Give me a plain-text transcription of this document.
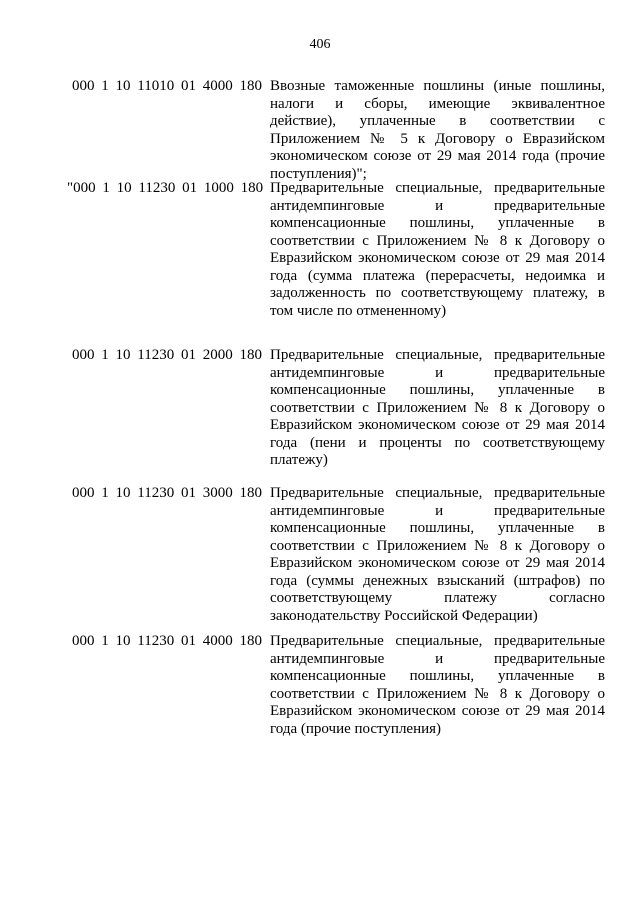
406
000 1 10 11010 01 4000 180 Ввозные таможенные пошлины (иные пошлины, налоги и сборы, имеющие эквивалентное действие), уплаченные в соответствии с Приложением № 5 к Договору о Евразийском экономическом союзе от 29 мая 2014 года (прочие поступления)";
"000 1 10 11230 01 1000 180 Предварительные специальные, предварительные антидемпинговые и предварительные компенсационные пошлины, уплаченные в соответствии с Приложением № 8 к Договору о Евразийском экономическом союзе от 29 мая 2014 года (сумма платежа (перерасчеты, недоимка и задолженность по соответствующему платежу, в том числе по отмененному)
000 1 10 11230 01 2000 180 Предварительные специальные, предварительные антидемпинговые и предварительные компенсационные пошлины, уплаченные в соответствии с Приложением № 8 к Договору о Евразийском экономическом союзе от 29 мая 2014 года (пени и проценты по соответствующему платежу)
000 1 10 11230 01 3000 180 Предварительные специальные, предварительные антидемпинговые и предварительные компенсационные пошлины, уплаченные в соответствии с Приложением № 8 к Договору о Евразийском экономическом союзе от 29 мая 2014 года (суммы денежных взысканий (штрафов) по соответствующему платежу согласно законодательству Российской Федерации)
000 1 10 11230 01 4000 180 Предварительные специальные, предварительные антидемпинговые и предварительные компенсационные пошлины, уплаченные в соответствии с Приложением № 8 к Договору о Евразийском экономическом союзе от 29 мая 2014 года (прочие поступления)
